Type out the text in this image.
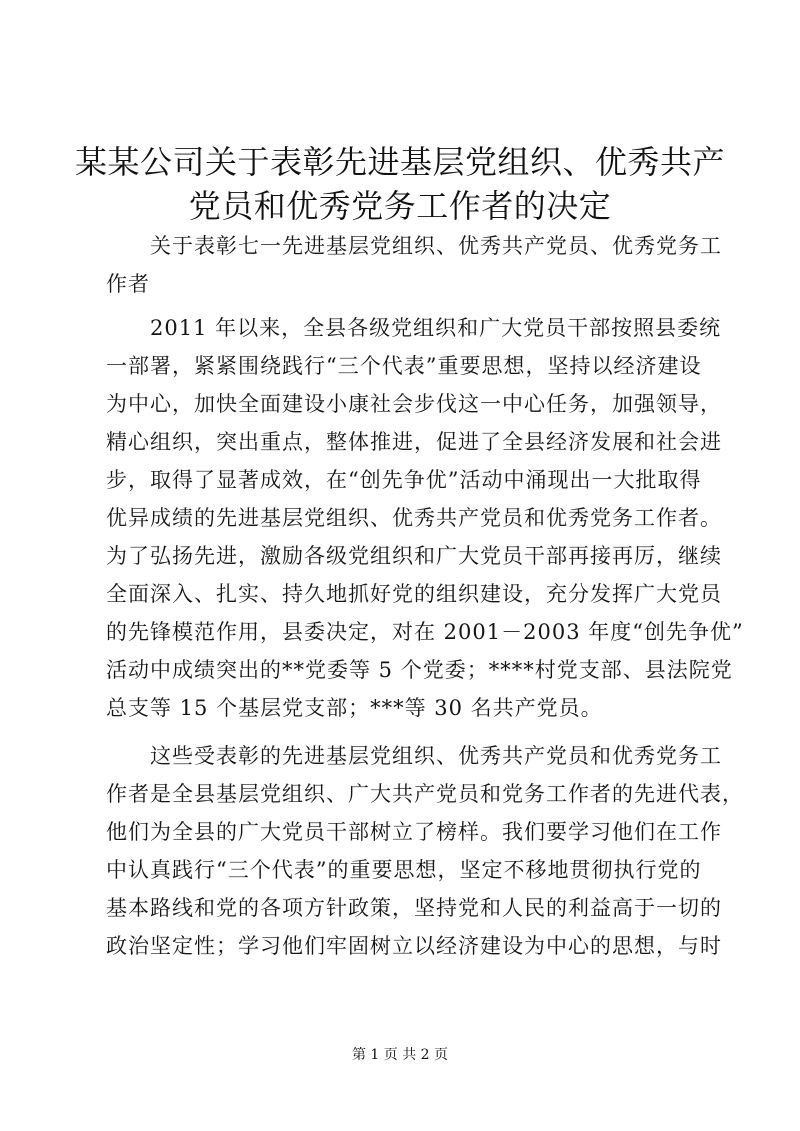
某某公司关于表彰先进基层党组织、优秀共产
党员和优秀党务工作者的决定
关于表彰七一先进基层党组织、优秀共产党员、优秀党务工
作者
2011 年以来，全县各级党组织和广大党员干部按照县委统
一部署，紧紧围绕践行“三个代表”重要思想，坚持以经济建设
为中心，加快全面建设小康社会步伐这一中心任务，加强领导，
精心组织，突出重点，整体推进，促进了全县经济发展和社会进
步，取得了显著成效，在“创先争优”活动中涌现出一大批取得
优异成绩的先进基层党组织、优秀共产党员和优秀党务工作者。
为了弘扬先进，激励各级党组织和广大党员干部再接再厉，继续
全面深入、扎实、持久地抓好党的组织建设，充分发挥广大党员
的先锋模范作用，县委决定，对在 2001－2003 年度“创先争优”
活动中成绩突出的**党委等 5 个党委；****村党支部、县法院党
总支等 15 个基层党支部；***等 30 名共产党员。
这些受表彰的先进基层党组织、优秀共产党员和优秀党务工
作者是全县基层党组织、广大共产党员和党务工作者的先进代表，
他们为全县的广大党员干部树立了榜样。我们要学习他们在工作
中认真践行“三个代表”的重要思想，坚定不移地贯彻执行党的
基本路线和党的各项方针政策，坚持党和人民的利益高于一切的
政治坚定性；学习他们牢固树立以经济建设为中心的思想，与时
第 1 页 共 2 页
